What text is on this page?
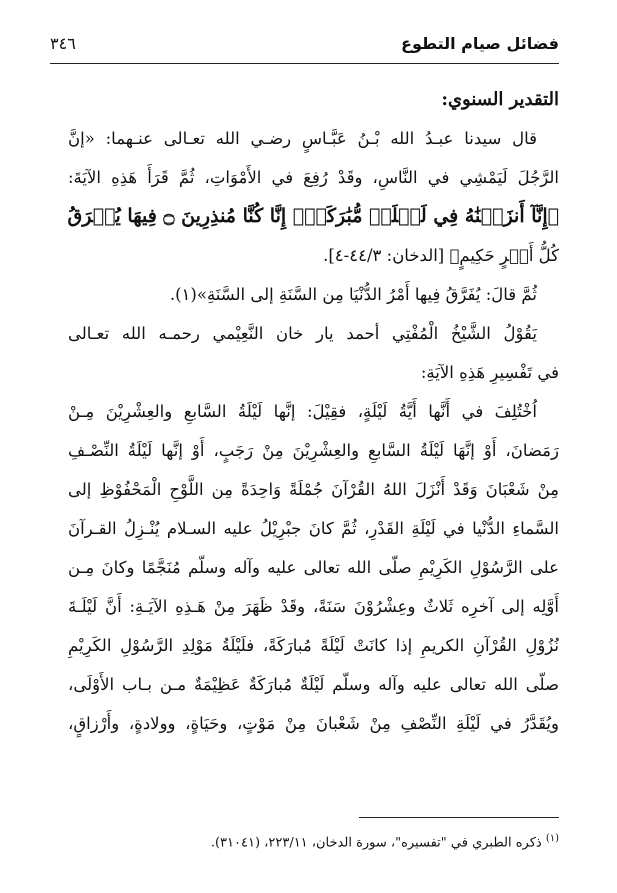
فضائل صيام التطوع
٣٤٦
التقدير السنوي:
قال سيدنا عبـدُ الله بْـنُ عَبَّـاسٍ رضـي الله تعـالى عنـهما: «إنَّ
الرَّجُلَ لَيَمْشِي في النَّاسِ، وقَدْ رُفِعَ في الأَمْوَاتِ، ثُمَّ قَرَأَ هَذِهِ الآيَةَ:
﴿إِنَّآ أَنزَلۡنَٰهُ فِي لَيۡلَةٖ مُّبَٰرَكَةٍۚ إِنَّا كُنَّا مُنذِرِينَ ۝ فِيهَا يُفۡرَقُ
كُلُّ أَمۡرٍ حَكِيمٍ﴾ [الدخان: ٤٤/٣-٤].
ثُمَّ قالَ: يُفَرَّقُ فِيها أَمْرُ الدُّنْيَا مِن السَّنَةِ إلى السَّنَةِ»(١).
يَقُوْلُ الشَّيْخُ الْمُفْتِي أحمد يار خان النَّعِيْمي رحمـه الله تعـالى
في تَفْسِيرِ هَذِهِ الآيَةِ:
اُخْتُلِفَ في أَنَّها أَيَّةُ لَيْلَةٍ، فقِيْلَ: إنَّها لَيْلَةُ السَّابعِ والعِشْرِيْنَ مِـنْ
رَمَضانَ، أَوْ إنَّهَا لَيْلَةُ السَّابعِ والعِشْرِيْنَ مِنْ رَجَبٍ، أَوْ إنَّها لَيْلَةُ النِّصْـفِ
مِنْ شَعْبَانَ وَقَدْ أَنْزَلَ اللهُ القُرْآنَ جُمْلَةً وَاحِدَةً مِن اللَّوْحِ الْمَحْفُوْظِ إلى
السَّماءِ الدُّنْيا في لَيْلَةِ القَدْرِ، ثُمَّ كانَ جبْرِيْلُ عليه السـلام يُنْـزِلُ القـرآنَ
على الرَّسُوْلِ الكَرِيْمِ صلّى الله تعالى عليه وآله وسلّم مُنَجَّمًا وكانَ مِـن
أَوَّلِه إلى آخرِه ثَلاثٌ وعِشْرُوْنَ سَنَةً، وقَدْ ظَهَرَ مِنْ هَـذِهِ الآيَـةِ: أَنَّ لَيْلَـةَ
نُزُوْلِ القُرْآنِ الكريمِ إذا كانَتْ لَيْلَةً مُبارَكَةً، فلَيْلَةُ مَوْلِدِ الرَّسُوْلِ الكَرِيْمِ
صلّى الله تعالى عليه وآله وسلّم لَيْلَةٌ مُبارَكَةٌ عَظِيْمَةٌ مـن بـاب الأَوْلَى،
ويُقَدَّرُ في لَيْلَةِ النِّصْفِ مِنْ شَعْبانَ مِنْ مَوْتٍ، وحَيَاةٍ، وولادةٍ، وأَرْزاقٍ،
$^{(١)}$ ذكره الطبري في "تفسيره"، سورة الدخان، ٢٢٣/١١، (٣١٠٤١).
